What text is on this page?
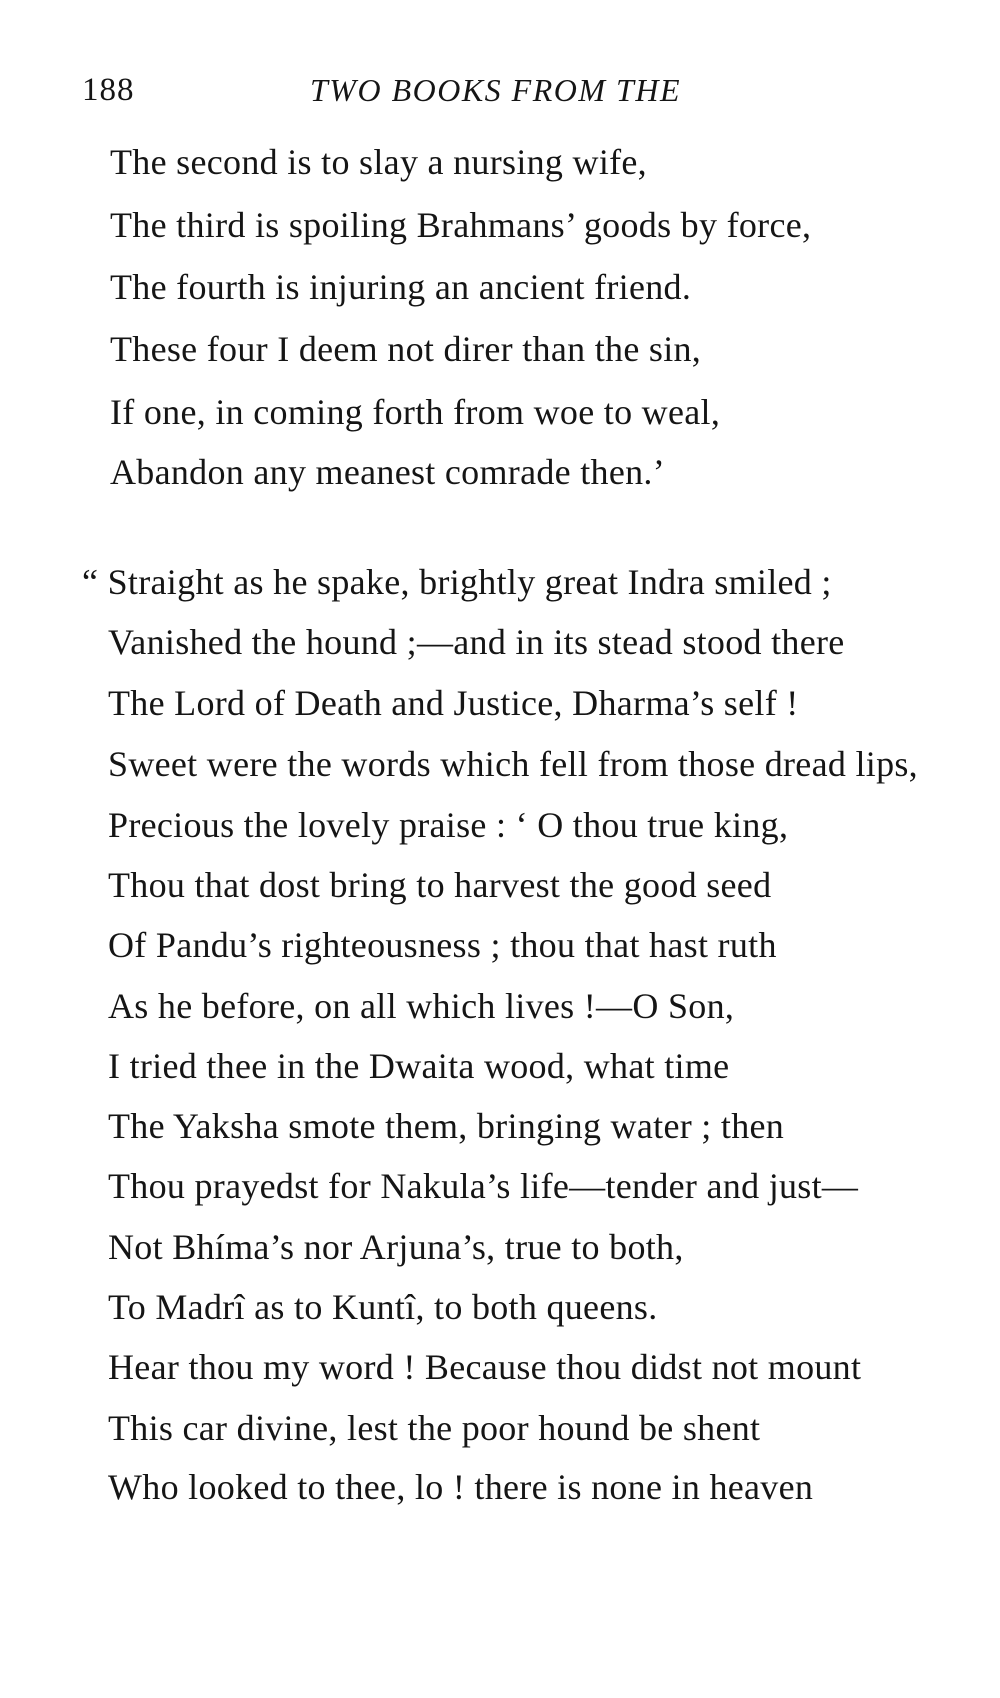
188	TWO BOOKS FROM THE
The second is to slay a nursing wife,
The third is spoiling Brahmans’ goods by force,
The fourth is injuring an ancient friend.
These four I deem not direr than the sin,
If one, in coming forth from woe to weal,
Abandon any meanest comrade then.’
“ Straight as he spake, brightly great Indra smiled ;
Vanished the hound ;—and in its stead stood there
The Lord of Death and Justice, Dharma’s self !
Sweet were the words which fell from those dread lips,
Precious the lovely praise : ‘ O thou true king,
Thou that dost bring to harvest the good seed
Of Pandu’s righteousness ; thou that hast ruth
As he before, on all which lives !—O Son,
I tried thee in the Dwaita wood, what time
The Yaksha smote them, bringing water ; then
Thou prayedst for Nakula’s life—tender and just—
Not Bhíma’s nor Arjuna’s, true to both,
To Madrî as to Kuntî, to both queens.
Hear thou my word ! Because thou didst not mount
This car divine, lest the poor hound be shent
Who looked to thee, lo ! there is none in heaven
